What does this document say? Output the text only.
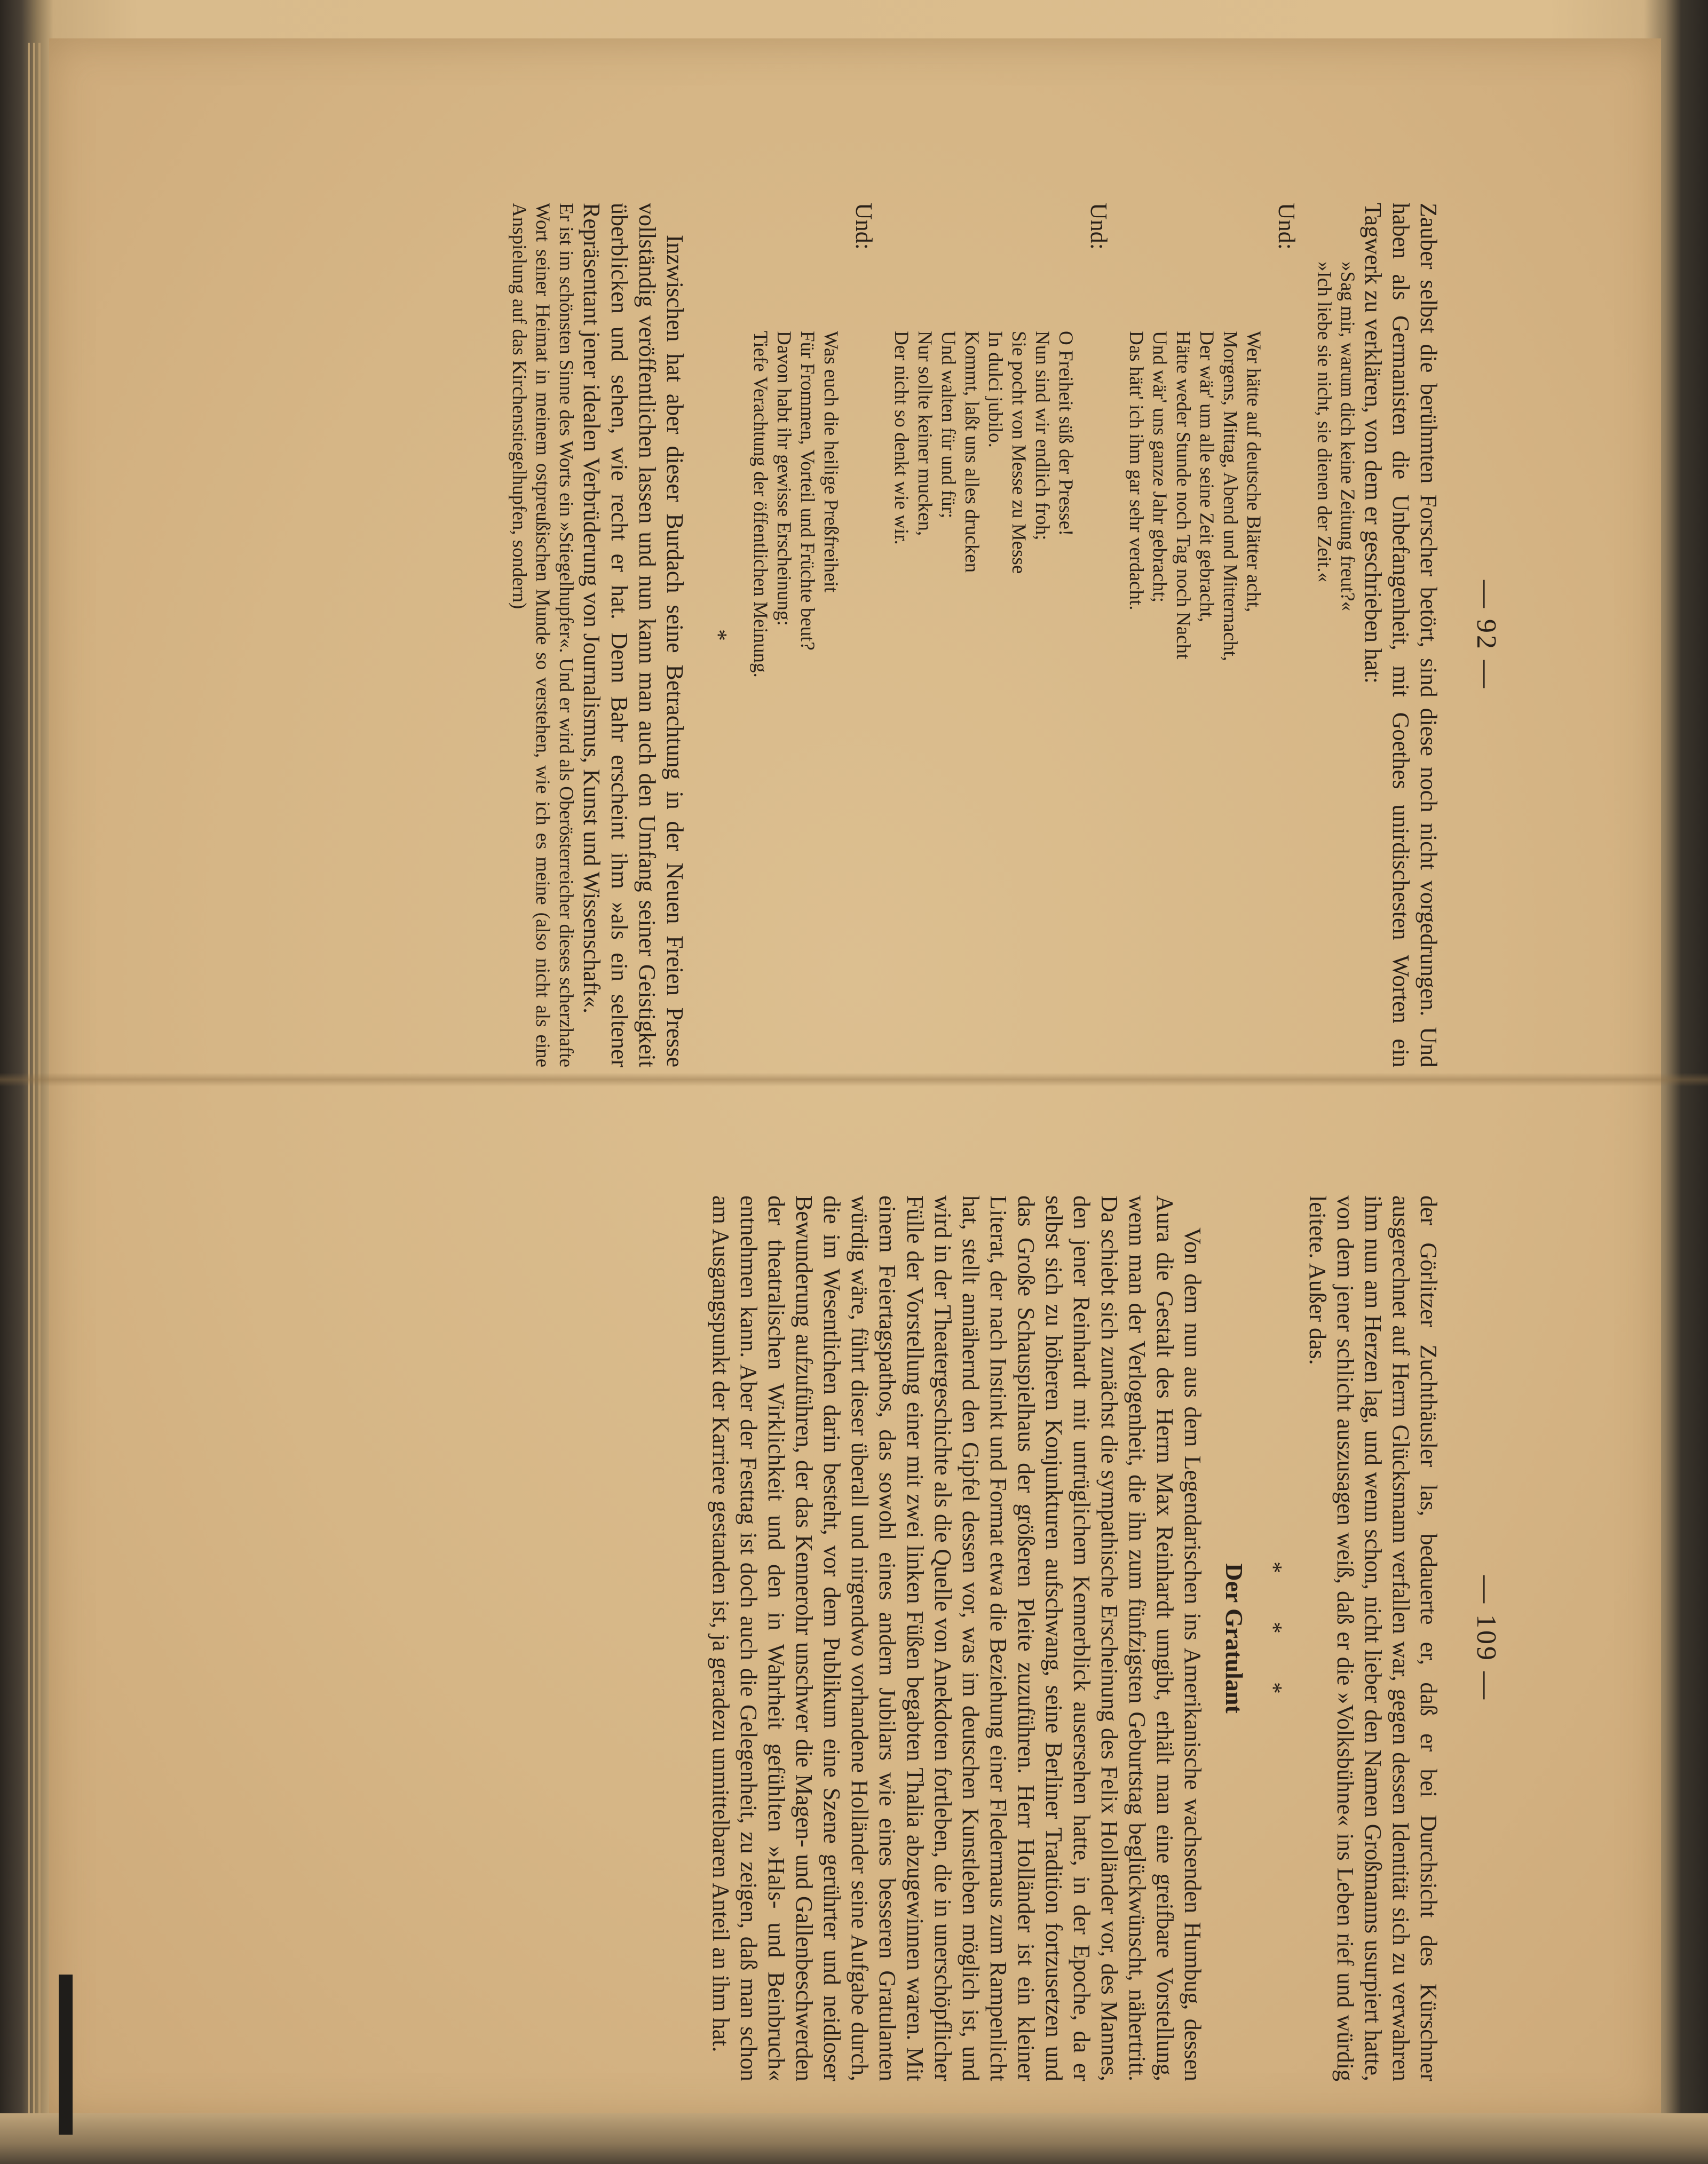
— 92 —

Zauber selbst die berühmten Forscher betört, sind diese noch nicht vorgedrungen. Und haben als Germanisten die Unbefangenheit, mit Goethes unirdischesten Worten ein Tagwerk zu verklären, von dem er geschrieben hat:

»Sag mir, warum dich keine Zeitung freut?«
»Ich liebe sie nicht, sie dienen der Zeit.«
Und:
Wer hätte auf deutsche Blätter acht,
Morgens, Mittag, Abend und Mitternacht,
Der wär' um alle seine Zeit gebracht,
Hätte weder Stunde noch Tag noch Nacht
Und wär' uns ganze Jahr gebracht;
Das hätt' ich ihm gar sehr verdacht.
Und:
O Freiheit süß der Presse!
Nun sind wir endlich froh;
Sie pocht von Messe zu Messe
In dulci jubilo.
Kommt, laßt uns alles drucken
Und walten für und für;
Nur sollte keiner mucken,
Der nicht so denkt wie wir.
Und:
Was euch die heilige Preßfreiheit
Für Frommen, Vorteil und Früchte beut?
Davon habt ihr gewisse Erscheinung:
Tiefe Verachtung der öffentlichen Meinung.
*

Inzwischen hat aber dieser Burdach seine Betrachtung in der Neuen Freien Presse vollständig veröffentlichen lassen und nun kann man auch den Umfang seiner Geistigkeit überblicken und sehen, wie recht er hat. Denn Bahr erscheint ihm »als ein seltener Repräsentant jener idealen Verbrüderung von Journalismus, Kunst und Wissenschaft«.

Er ist im schönsten Sinne des Worts ein »Stiegelhupfer«. Und er wird als Oberösterreicher dieses scherzhafte Wort seiner Heimat in meinem ostpreußischen Munde so verstehen, wie ich es meine (also nicht als eine Anspielung auf das Kirchenstiegelhupfen, sondern)

— 109 —

der Görlitzer Zuchthäusler las, bedauerte er, daß er bei Durchsicht des Kürschner ausgerechnet auf Herrn Glücksmann verfallen war, gegen dessen Identität sich zu verwahren ihm nun am Herzen lag, und wenn schon, nicht lieber den Namen Großmanns usurpiert hatte, von dem jener schlicht auszusagen weiß, daß er die »Volksbühne« ins Leben rief und würdig leitete. Außer das.

* * *
Der Gratulant

Von dem nun aus dem Legendarischen ins Amerikanische wachsenden Humbug, dessen Aura die Gestalt des Herrn Max Reinhardt umgibt, erhält man eine greifbare Vorstellung, wenn man der Verlogenheit, die ihn zum fünfzigsten Geburtstag beglückwünscht, nähertritt. Da schiebt sich zunächst die sympathische Erscheinung des Felix Holländer vor, des Mannes, den jener Reinhardt mit untrüglichem Kennerblick ausersehen hatte, in der Epoche, da er selbst sich zu höheren Konjunkturen aufschwang, seine Berliner Tradition fortzusetzen und das Große Schauspielhaus der größeren Pleite zuzuführen. Herr Holländer ist ein kleiner Literat, der nach Instinkt und Format etwa die Beziehung einer Fledermaus zum Rampenlicht hat, stellt annähernd den Gipfel dessen vor, was im deutschen Kunstleben möglich ist, und wird in der Theatergeschichte als die Quelle von Anekdoten fortleben, die in unerschöpflicher Fülle der Vorstellung einer mit zwei linken Füßen begabten Thalia abzugewinnen waren. Mit einem Feiertagspathos, das sowohl eines andern Jubilars wie eines besseren Gratulanten würdig wäre, führt dieser überall und nirgendwo vorhandene Holländer seine Aufgabe durch, die im Wesentlichen darin besteht, vor dem Publikum eine Szene gerührter und neidloser Bewunderung aufzuführen, der das Kennerohr unschwer die Magen- und Gallenbeschwerden der theatralischen Wirklichkeit und den in Wahrheit gefühlten »Hals- und Beinbruch« entnehmen kann. Aber der Festtag ist doch auch die Gelegenheit, zu zeigen, daß man schon am Ausgangspunkt der Karriere gestanden ist, ja geradezu unmittelbaren Anteil an ihm hat.
